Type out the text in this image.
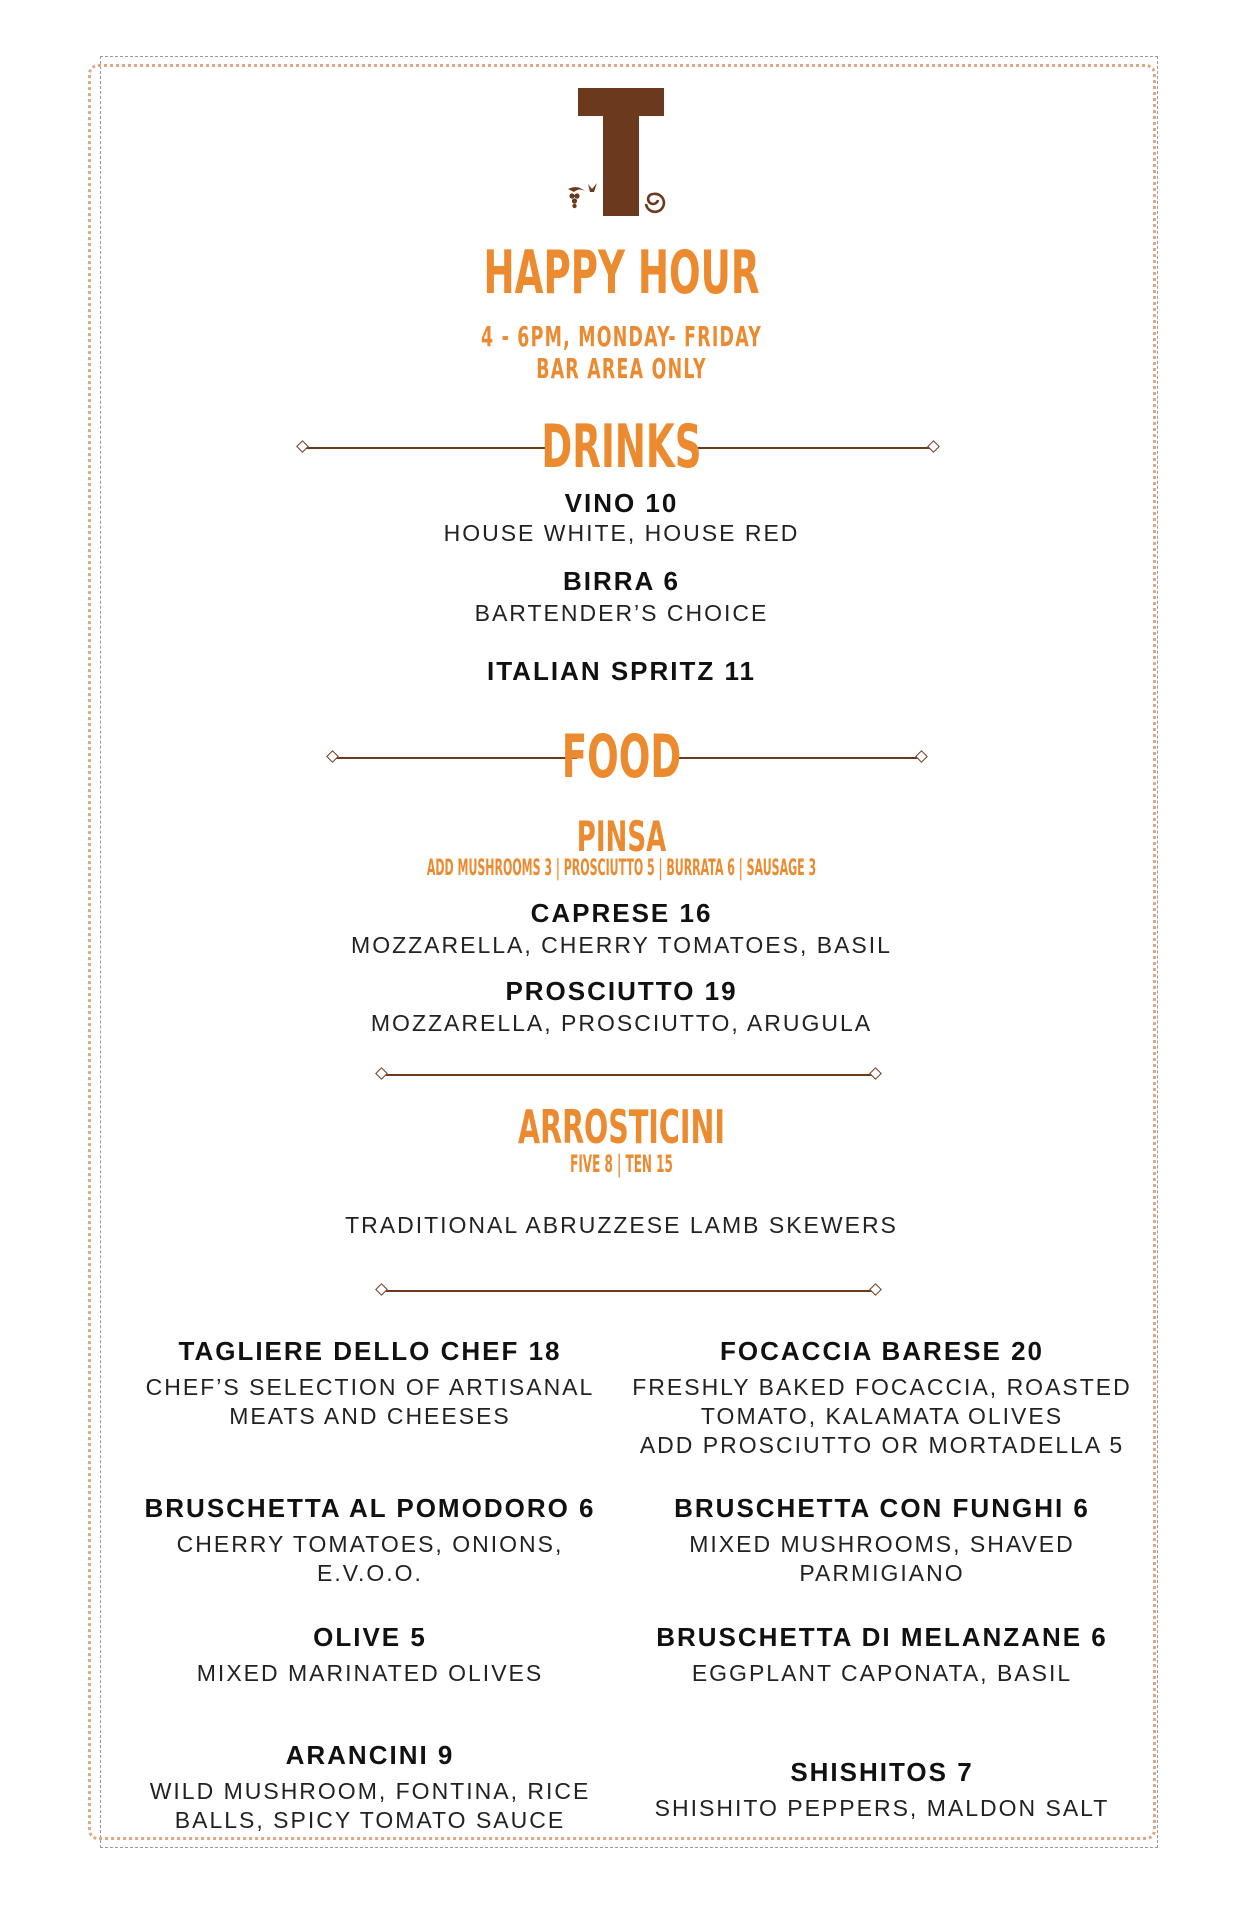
HAPPY HOUR
4 - 6PM, MONDAY- FRIDAY
BAR AREA ONLY
DRINKS
VINO 10
HOUSE WHITE, HOUSE RED
BIRRA 6
BARTENDER’S CHOICE
ITALIAN SPRITZ 11
FOOD
PINSA
ADD MUSHROOMS 3 | PROSCIUTTO 5 | BURRATA 6 | SAUSAGE 3
CAPRESE 16
MOZZARELLA, CHERRY TOMATOES, BASIL
PROSCIUTTO 19
MOZZARELLA, PROSCIUTTO, ARUGULA
ARROSTICINI
FIVE 8 | TEN 15
TRADITIONAL ABRUZZESE LAMB SKEWERS
TAGLIERE DELLO CHEF 18
CHEF’S SELECTION OF ARTISANAL
MEATS AND CHEESES
BRUSCHETTA AL POMODORO 6
CHERRY TOMATOES, ONIONS,
E.V.O.O.
OLIVE 5
MIXED MARINATED OLIVES
ARANCINI 9
WILD MUSHROOM, FONTINA, RICE
BALLS, SPICY TOMATO SAUCE
FOCACCIA BARESE 20
FRESHLY BAKED FOCACCIA, ROASTED
TOMATO, KALAMATA OLIVES
ADD PROSCIUTTO OR MORTADELLA 5
BRUSCHETTA CON FUNGHI 6
MIXED MUSHROOMS, SHAVED
PARMIGIANO
BRUSCHETTA DI MELANZANE 6
EGGPLANT CAPONATA, BASIL
SHISHITOS 7
SHISHITO PEPPERS, MALDON SALT
